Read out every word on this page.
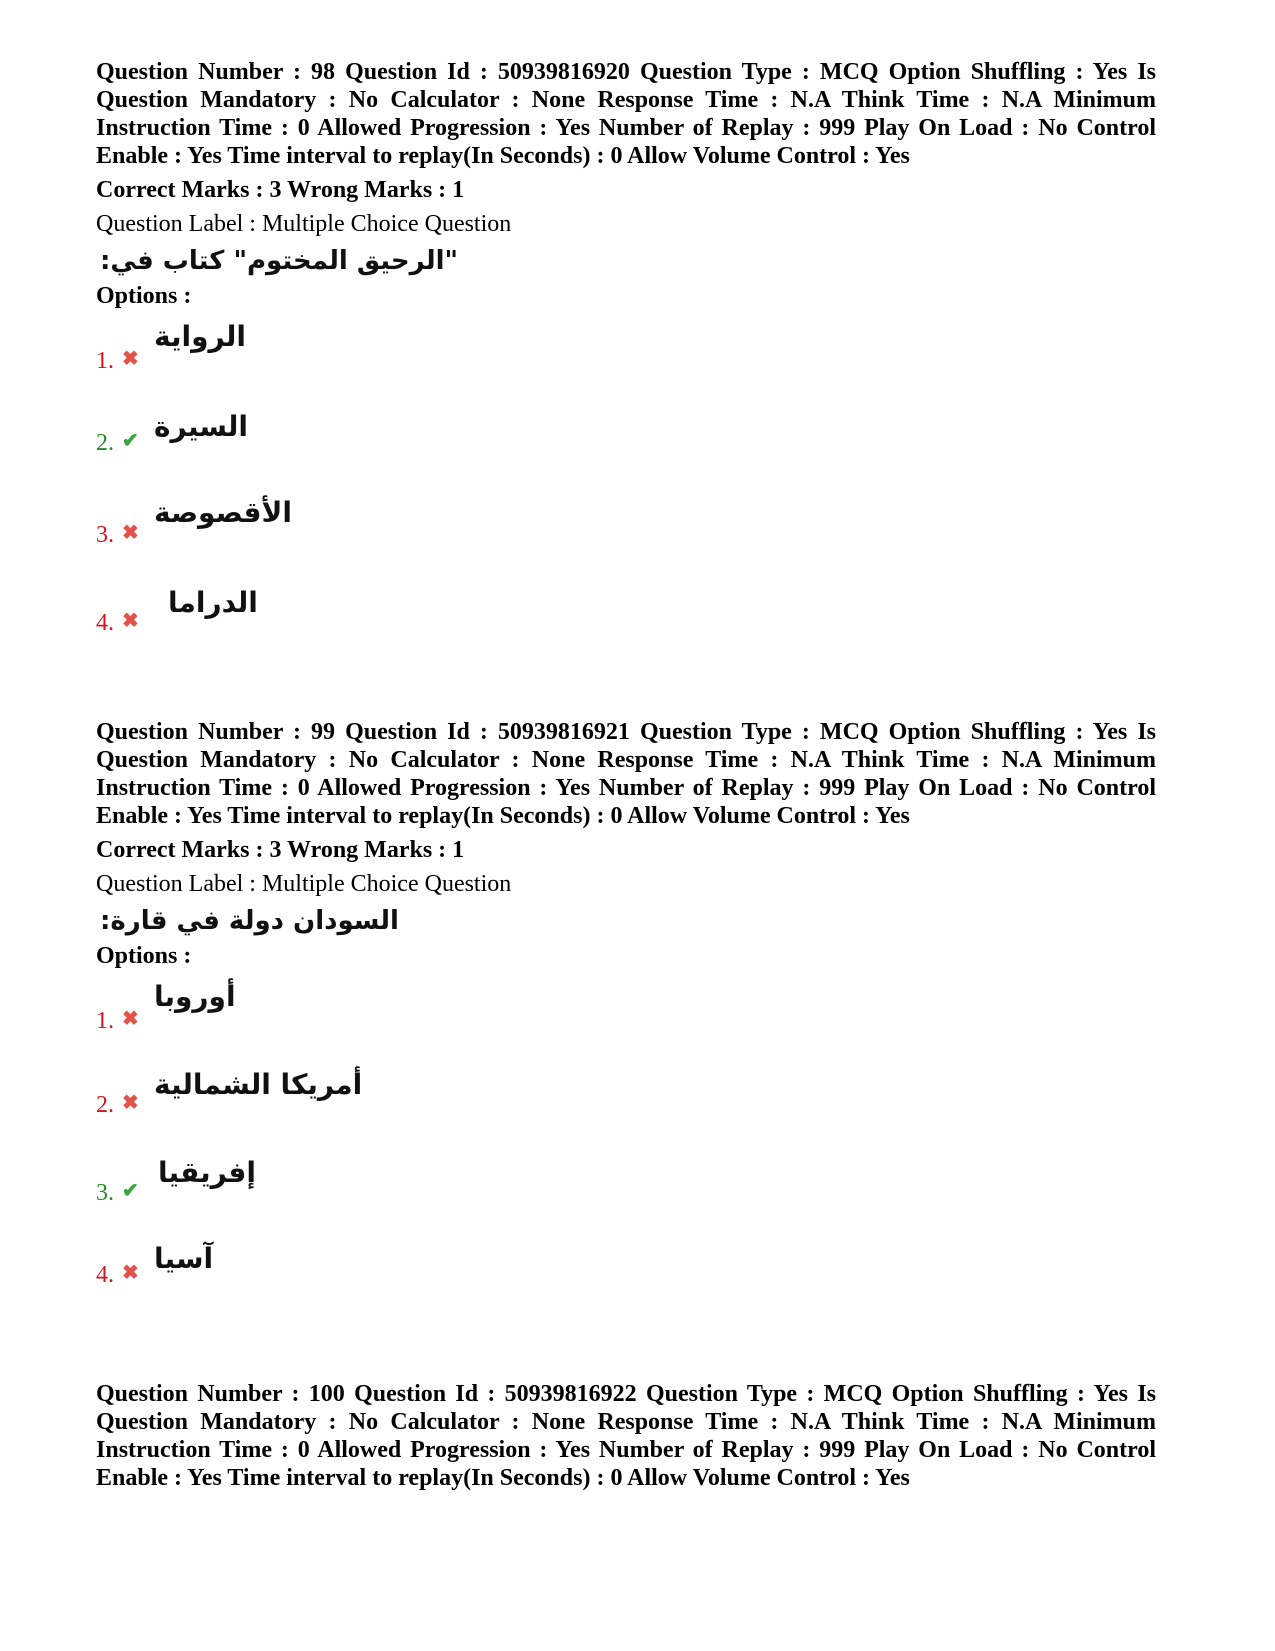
Question Number : 98 Question Id : 50939816920 Question Type : MCQ Option Shuffling : Yes Is Question Mandatory : No Calculator : None Response Time : N.A Think Time : N.A Minimum Instruction Time : 0 Allowed Progression : Yes Number of Replay : 999 Play On Load : No Control Enable : Yes Time interval to replay(In Seconds) : 0 Allow Volume Control : Yes
Correct Marks : 3 Wrong Marks : 1
Question Label : Multiple Choice Question
"الرحيق المختوم" كتاب في:
Options :
1. ✖
الرواية
2. ✔ السيرة
3. ✖
الأقصوصة
4. ✖
الدراما
Question Number : 99 Question Id : 50939816921 Question Type : MCQ Option Shuffling : Yes Is Question Mandatory : No Calculator : None Response Time : N.A Think Time : N.A Minimum Instruction Time : 0 Allowed Progression : Yes Number of Replay : 999 Play On Load : No Control Enable : Yes Time interval to replay(In Seconds) : 0 Allow Volume Control : Yes
Correct Marks : 3 Wrong Marks : 1
Question Label : Multiple Choice Question
السودان دولة في قارة:
Options :
1. ✖
أوروبا
2. ✖
أمريكا الشمالية
3. ✔
إفريقيا
4. ✖ آسيا
Question Number : 100 Question Id : 50939816922 Question Type : MCQ Option Shuffling : Yes Is Question Mandatory : No Calculator : None Response Time : N.A Think Time : N.A Minimum Instruction Time : 0 Allowed Progression : Yes Number of Replay : 999 Play On Load : No Control Enable : Yes Time interval to replay(In Seconds) : 0 Allow Volume Control : Yes
